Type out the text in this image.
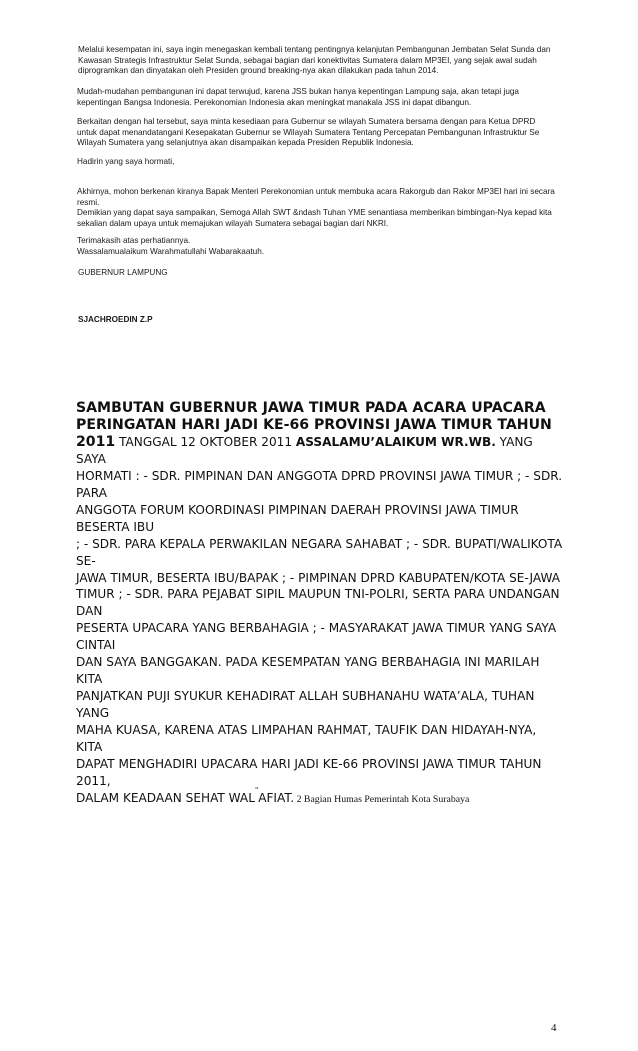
Melalui kesempatan ini, saya ingin menegaskan kembali tentang pentingnya kelanjutan Pembangunan Jembatan Selat Sunda dan
Kawasan Strategis Infrastruktur Selat Sunda, sebagai bagian dari konektivitas Sumatera dalam MP3EI, yang sejak awal sudah
diprogramkan dan dinyatakan oleh Presiden ground breaking-nya akan dilakukan pada tahun 2014.

Mudah-mudahan pembangunan ini dapat terwujud, karena JSS bukan hanya kepentingan Lampung saja, akan tetapi juga
kepentingan Bangsa Indonesia. Perekonomian Indonesia akan meningkat manakala JSS ini dapat dibangun.

Berkaitan dengan hal tersebut, saya minta kesediaan para Gubernur se wilayah Sumatera bersama dengan para Ketua DPRD
untuk dapat menandatangani Kesepakatan Gubernur se Wilayah Sumatera Tentang Percepatan Pembangunan Infrastruktur Se
Wilayah Sumatera yang selanjutnya akan disampaikan kepada Presiden Republik Indonesia.

Hadirin yang saya hormati,

Akhirnya, mohon berkenan kiranya Bapak Menteri Perekonomian untuk membuka acara Rakorgub dan Rakor MP3EI hari ini secara
resmi.
Demikian yang dapat saya sampaikan, Semoga Allah SWT &ndash Tuhan YME senantiasa memberikan bimbingan-Nya kepad kita
sekalian dalam upaya untuk memajukan wilayah Sumatera sebagai bagian dari NKRI.

Terimakasih atas perhatiannya.
Wassalamualaikum Warahmatullahi Wabarakaatuh.

GUBERNUR LAMPUNG

SJACHROEDIN Z.P

SAMBUTAN GUBERNUR JAWA TIMUR PADA ACARA UPACARA
PERINGATAN HARI JADI KE-66 PROVINSI JAWA TIMUR TAHUN
2011 TANGGAL 12 OKTOBER 2011 ASSALAMU’ALAIKUM WR.WB. YANG SAYA
HORMATI : - SDR. PIMPINAN DAN ANGGOTA DPRD PROVINSI JAWA TIMUR ; - SDR. PARA
ANGGOTA FORUM KOORDINASI PIMPINAN DAERAH PROVINSI JAWA TIMUR BESERTA IBU
; - SDR. PARA KEPALA PERWAKILAN NEGARA SAHABAT ; - SDR. BUPATI/WALIKOTA SE-
JAWA TIMUR, BESERTA IBU/BAPAK ; - PIMPINAN DPRD KABUPATEN/KOTA SE-JAWA
TIMUR ; - SDR. PARA PEJABAT SIPIL MAUPUN TNI-POLRI, SERTA PARA UNDANGAN DAN
PESERTA UPACARA YANG BERBAHAGIA ; - MASYARAKAT JAWA TIMUR YANG SAYA CINTAI
DAN SAYA BANGGAKAN. PADA KESEMPATAN YANG BERBAHAGIA INI MARILAH KITA
PANJATKAN PUJI SYUKUR KEHADIRAT ALLAH SUBHANAHU WATA’ALA, TUHAN YANG
MAHA KUASA, KARENA ATAS LIMPAHAN RAHMAT, TAUFIK DAN HIDAYAH-NYA, KITA
DAPAT MENGHADIRI UPACARA HARI JADI KE-66 PROVINSI JAWA TIMUR TAHUN 2011,
DALAM KEADAAN SEHAT WAL"AFIAT. 2 Bagian Humas Pemerintah Kota Surabaya
4
